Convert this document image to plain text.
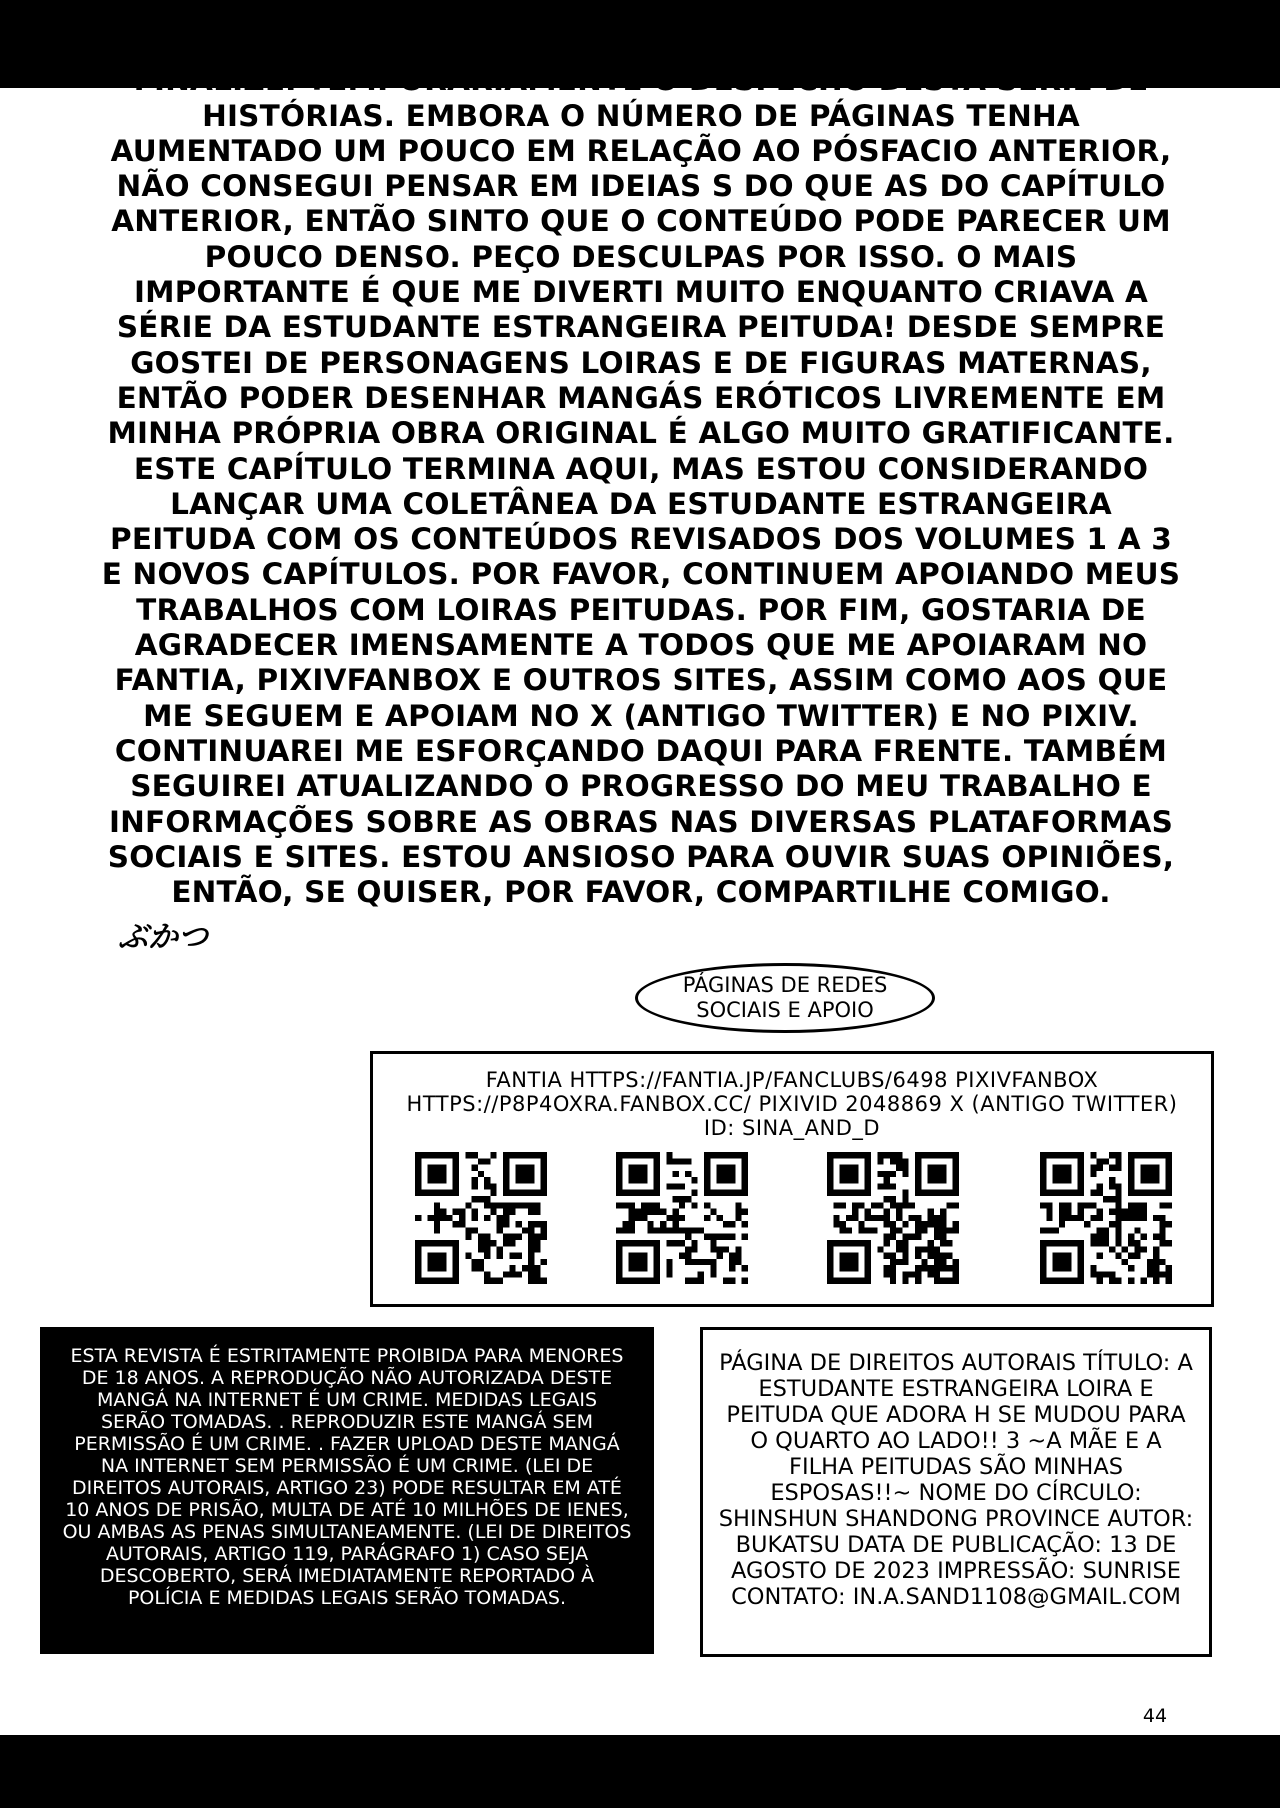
OBRIGADO PELA SUA VISITA. EU SOU BUKATSU. DESTA VEZ, FINALIZEI TEMPORARIAMENTE O DESFECHO DESTA SÉRIE DE HISTÓRIAS. EMBORA O NÚMERO DE PÁGINAS TENHA AUMENTADO UM POUCO EM RELAÇÃO AO PÓSFACIO ANTERIOR, NÃO CONSEGUI PENSAR EM IDEIAS S DO QUE AS DO CAPÍTULO ANTERIOR, ENTÃO SINTO QUE O CONTEÚDO PODE PARECER UM POUCO DENSO. PEÇO DESCULPAS POR ISSO. O MAIS IMPORTANTE É QUE ME DIVERTI MUITO ENQUANTO CRIAVA A SÉRIE DA ESTUDANTE ESTRANGEIRA PEITUDA! DESDE SEMPRE GOSTEI DE PERSONAGENS LOIRAS E DE FIGURAS MATERNAS, ENTÃO PODER DESENHAR MANGÁS ERÓTICOS LIVREMENTE EM MINHA PRÓPRIA OBRA ORIGINAL É ALGO MUITO GRATIFICANTE. ESTE CAPÍTULO TERMINA AQUI, MAS ESTOU CONSIDERANDO LANÇAR UMA COLETÂNEA DA ESTUDANTE ESTRANGEIRA PEITUDA COM OS CONTEÚDOS REVISADOS DOS VOLUMES 1 A 3 E NOVOS CAPÍTULOS. POR FAVOR, CONTINUEM APOIANDO MEUS TRABALHOS COM LOIRAS PEITUDAS. POR FIM, GOSTARIA DE AGRADECER IMENSAMENTE A TODOS QUE ME APOIARAM NO FANTIA, PIXIVFANBOX E OUTROS SITES, ASSIM COMO AOS QUE ME SEGUEM E APOIAM NO X (ANTIGO TWITTER) E NO PIXIV. CONTINUAREI ME ESFORÇANDO DAQUI PARA FRENTE. TAMBÉM SEGUIREI ATUALIZANDO O PROGRESSO DO MEU TRABALHO E INFORMAÇÕES SOBRE AS OBRAS NAS DIVERSAS PLATAFORMAS SOCIAIS E SITES. ESTOU ANSIOSO PARA OUVIR SUAS OPINIÕES, ENTÃO, SE QUISER, POR FAVOR, COMPARTILHE COMIGO.

ぶかつ
PÁGINAS DE REDES SOCIAIS E APOIO
FANTIA HTTPS://FANTIA.JP/FANCLUBS/6498 PIXIVFANBOX HTTPS://P8P4OXRA.FANBOX.CC/ PIXIVID 2048869 X (ANTIGO TWITTER) ID: SINA_AND_D
ESTA REVISTA É ESTRITAMENTE PROIBIDA PARA MENORES DE 18 ANOS. A REPRODUÇÃO NÃO AUTORIZADA DESTE MANGÁ NA INTERNET É UM CRIME. MEDIDAS LEGAIS SERÃO TOMADAS. . REPRODUZIR ESTE MANGÁ SEM PERMISSÃO É UM CRIME. . FAZER UPLOAD DESTE MANGÁ NA INTERNET SEM PERMISSÃO É UM CRIME. (LEI DE DIREITOS AUTORAIS, ARTIGO 23) PODE RESULTAR EM ATÉ 10 ANOS DE PRISÃO, MULTA DE ATÉ 10 MILHÕES DE IENES, OU AMBAS AS PENAS SIMULTANEAMENTE. (LEI DE DIREITOS AUTORAIS, ARTIGO 119, PARÁGRAFO 1) CASO SEJA DESCOBERTO, SERÁ IMEDIATAMENTE REPORTADO À POLÍCIA E MEDIDAS LEGAIS SERÃO TOMADAS.
PÁGINA DE DIREITOS AUTORAIS TÍTULO: A ESTUDANTE ESTRANGEIRA LOIRA E PEITUDA QUE ADORA H SE MUDOU PARA O QUARTO AO LADO!! 3 ~A MÃE E A FILHA PEITUDAS SÃO MINHAS ESPOSAS!!~ NOME DO CÍRCULO: SHINSHUN SHANDONG PROVINCE AUTOR: BUKATSU DATA DE PUBLICAÇÃO: 13 DE AGOSTO DE 2023 IMPRESSÃO: SUNRISE CONTATO: IN.A.SAND1108@GMAIL.COM
44
